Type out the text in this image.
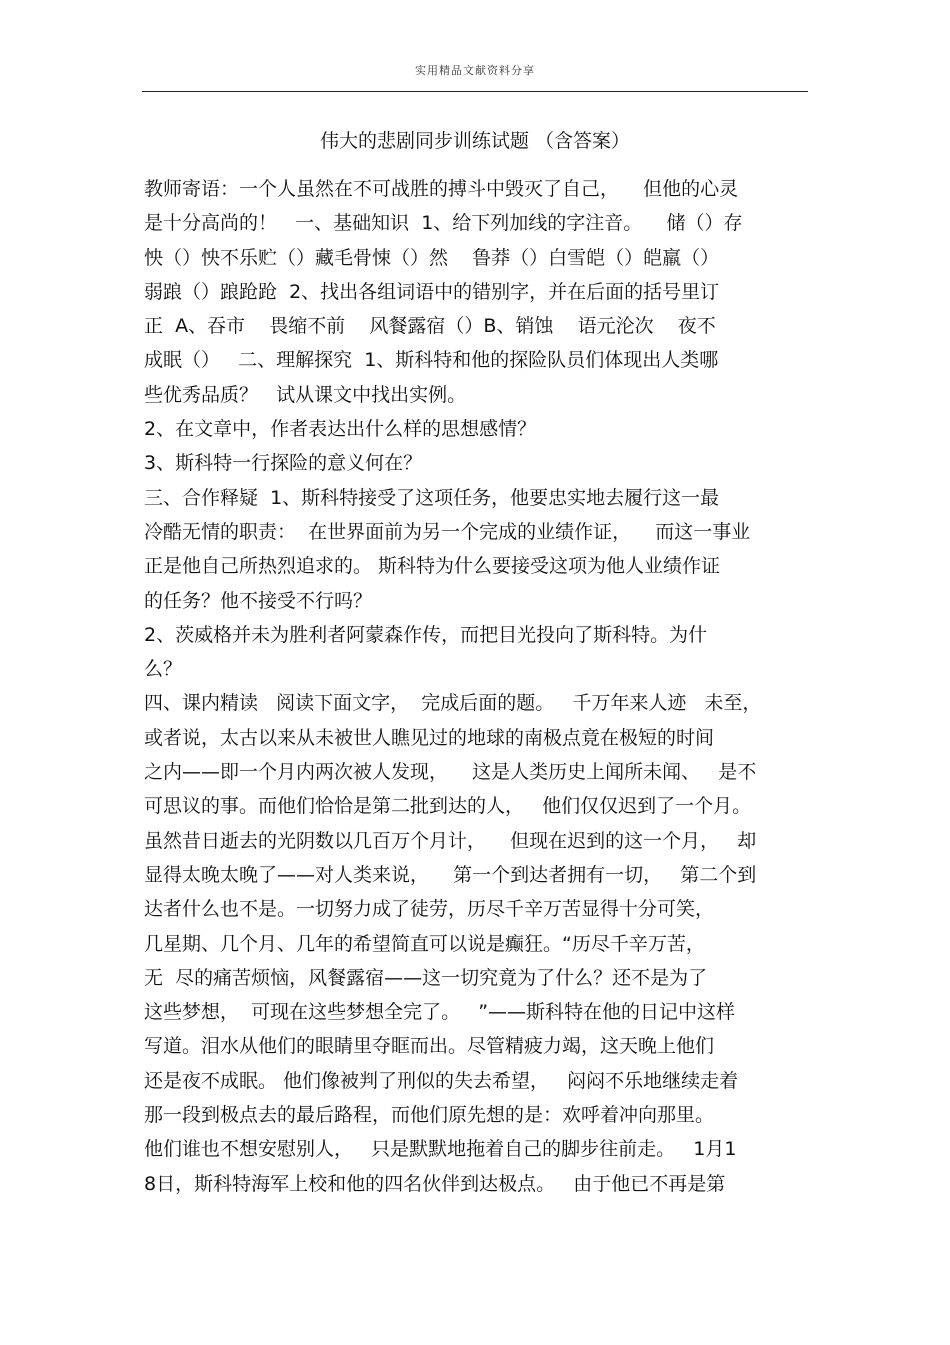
实用精品文献资料分享
伟大的悲剧同步训练试题 （含答案）
教师寄语：一个人虽然在不可战胜的搏斗中毁灭了自己，    但他的心灵
是十分高尚的！   一、基础知识  1、给下列加线的字注音。    储（）存
怏（）怏不乐贮（）藏毛骨悚（）然    鲁莽（）白雪皑（）皑羸（）
弱踉（）踉跄跄  2、找出各组词语中的错别字，并在后面的括号里订
正  A、吞市    畏缩不前    风餐露宿（）B、销蚀    语元沦次    夜不
成眠（）   二、理解探究  1、斯科特和他的探险队员们体现出人类哪
些优秀品质？   试从课文中找出实例。
2、在文章中，作者表达出什么样的思想感情？
3、斯科特一行探险的意义何在？
三、合作释疑  1、斯科特接受了这项任务，他要忠实地去履行这一最
冷酷无情的职责：  在世界面前为另一个完成的业绩作证，    而这一事业
正是他自己所热烈追求的。 斯科特为什么要接受这项为他人业绩作证
的任务？他不接受不行吗？
2、茨威格并未为胜利者阿蒙森作传，而把目光投向了斯科特。为什
么？
四、课内精读   阅读下面文字，  完成后面的题。   千万年来人迹   未至，
或者说，太古以来从未被世人瞧见过的地球的南极点竟在极短的时间
之内——即一个月内两次被人发现，    这是人类历史上闻所未闻、   是不
可思议的事。而他们恰恰是第二批到达的人，   他们仅仅迟到了一个月。
虽然昔日逝去的光阴数以几百万个月计，    但现在迟到的这一个月，   却
显得太晚太晚了——对人类来说，    第一个到达者拥有一切，   第二个到
达者什么也不是。一切努力成了徒劳，历尽千辛万苦显得十分可笑，
几星期、几个月、几年的希望简直可以说是癫狂。“历尽千辛万苦，
无  尽的痛苦烦恼，风餐露宿——这一切究竟为了什么？还不是为了
这些梦想，  可现在这些梦想全完了。   ”——斯科特在他的日记中这样
写道。泪水从他们的眼睛里夺眶而出。尽管精疲力竭，这天晚上他们
还是夜不成眠。 他们像被判了刑似的失去希望，   闷闷不乐地继续走着
那一段到极点去的最后路程，而他们原先想的是：欢呼着冲向那里。
他们谁也不想安慰别人，   只是默默地拖着自己的脚步往前走。   1月1
8日，斯科特海军上校和他的四名伙伴到达极点。   由于他已不再是第
